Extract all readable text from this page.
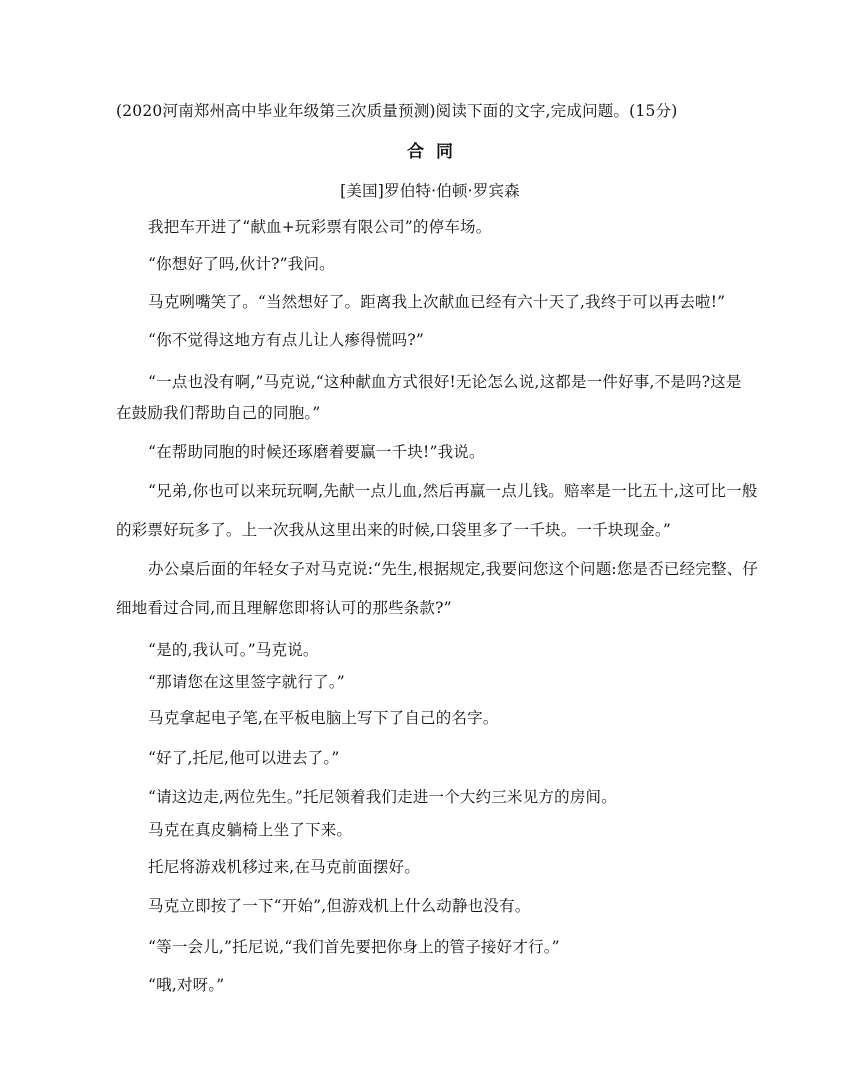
(2020河南郑州高中毕业年级第三次质量预测)阅读下面的文字,完成问题。(15分)
合同
[美国]罗伯特·伯顿·罗宾森
我把车开进了“献血+玩彩票有限公司”的停车场。
“你想好了吗,伙计?”我问。
马克咧嘴笑了。“当然想好了。距离我上次献血已经有六十天了,我终于可以再去啦!”
“你不觉得这地方有点儿让人瘆得慌吗?”
“一点也没有啊,”马克说,“这种献血方式很好!无论怎么说,这都是一件好事,不是吗?这是
在鼓励我们帮助自己的同胞。”
“在帮助同胞的时候还琢磨着要赢一千块!”我说。
“兄弟,你也可以来玩玩啊,先献一点儿血,然后再赢一点儿钱。赔率是一比五十,这可比一般
的彩票好玩多了。上一次我从这里出来的时候,口袋里多了一千块。一千块现金。”
办公桌后面的年轻女子对马克说:“先生,根据规定,我要问您这个问题:您是否已经完整、仔
细地看过合同,而且理解您即将认可的那些条款?”
“是的,我认可。”马克说。
“那请您在这里签字就行了。”
马克拿起电子笔,在平板电脑上写下了自己的名字。
“好了,托尼,他可以进去了。”
“请这边走,两位先生。”托尼领着我们走进一个大约三米见方的房间。
马克在真皮躺椅上坐了下来。
托尼将游戏机移过来,在马克前面摆好。
马克立即按了一下“开始”,但游戏机上什么动静也没有。
“等一会儿,”托尼说,“我们首先要把你身上的管子接好才行。”
“哦,对呀。”
